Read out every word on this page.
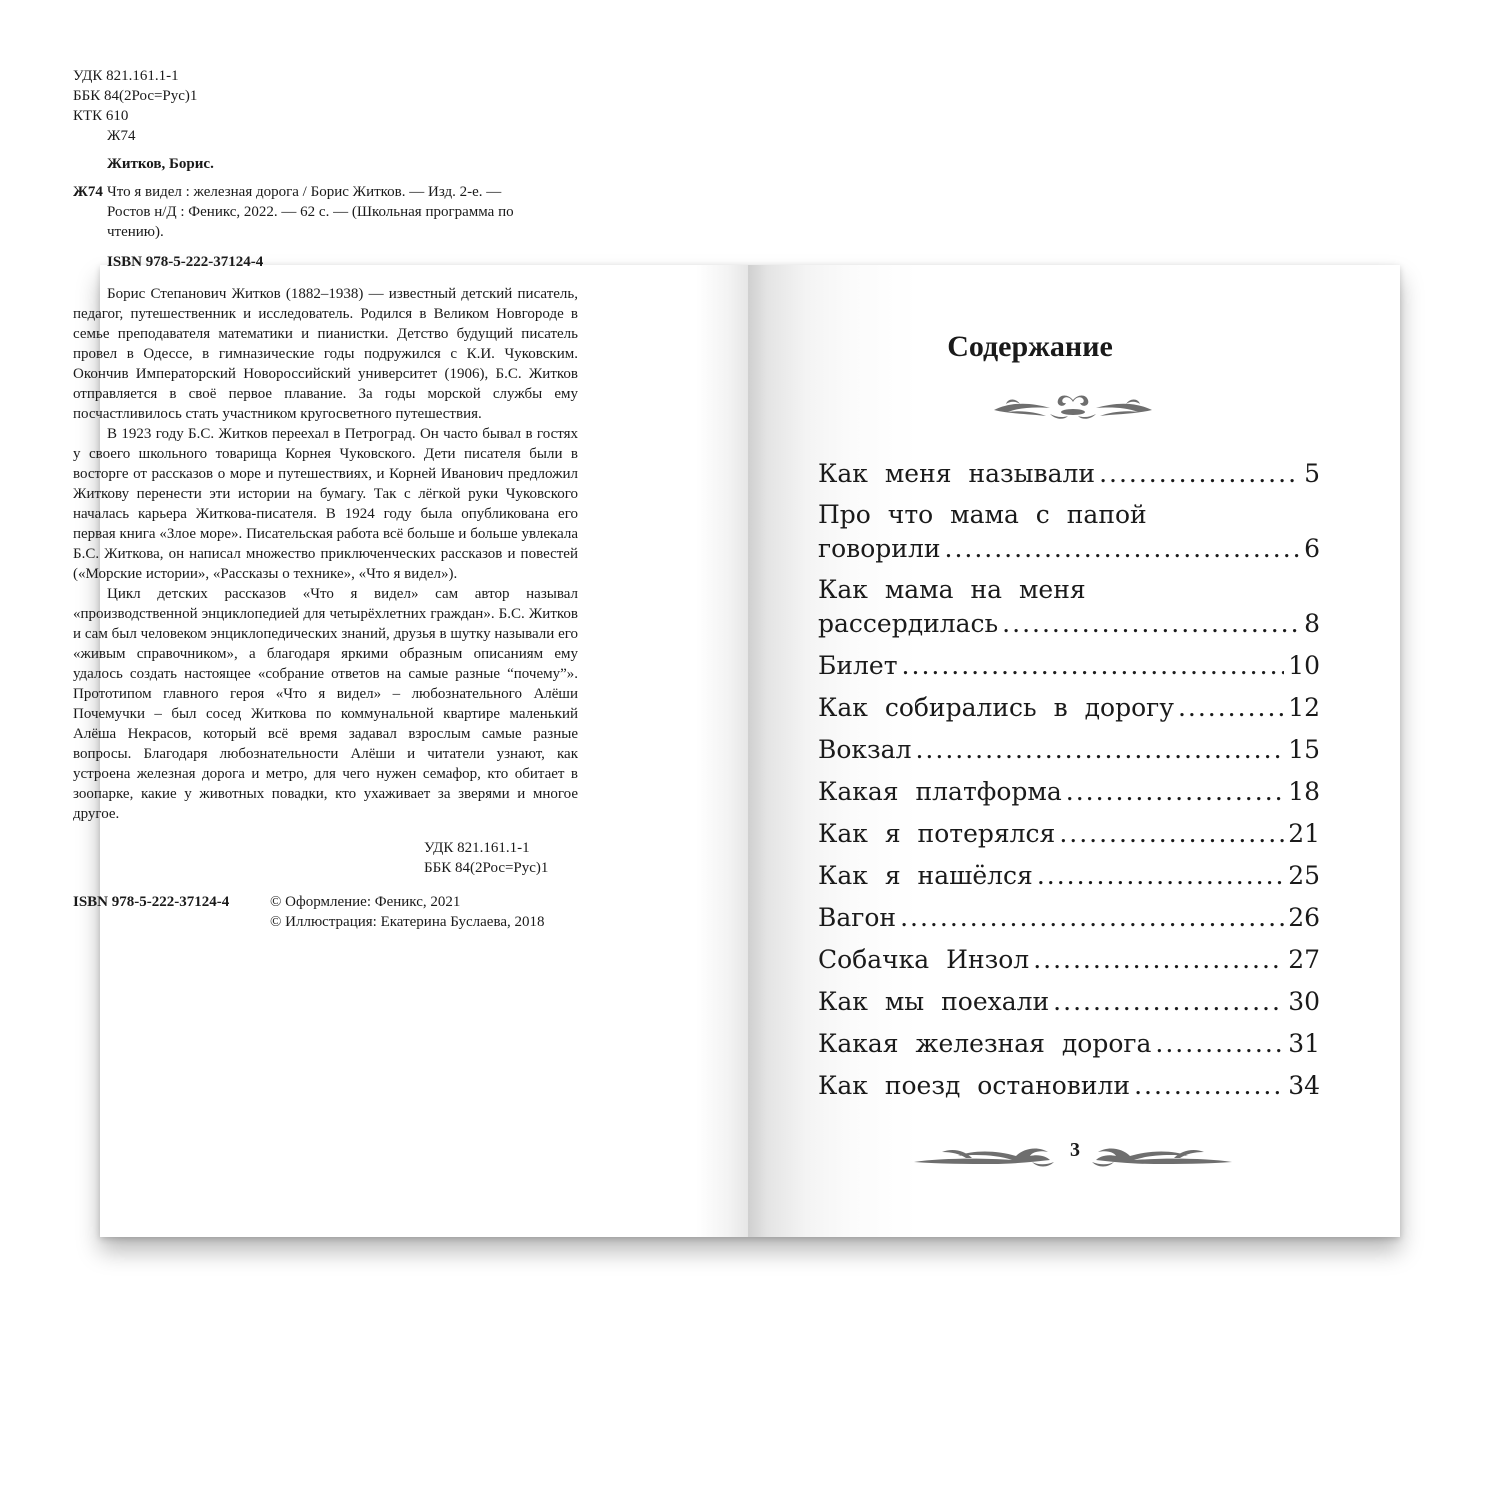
УДК 821.161.1-1
ББК 84(2Рос=Рус)1
КТК 610
Ж74
Житков, Борис.
Ж74 Что я видел : железная дорога / Борис Житков. — Изд. 2-е. —
Ростов н/Д : Феникс, 2022. — 62 с. — (Школьная программа по
чтению).
ISBN 978-5-222-37124-4

Борис Степанович Житков (1882–1938) — известный детский писатель, педагог, путешественник и исследователь. Родился в Великом Новгороде в семье преподавателя математики и пианистки. Детство будущий писатель провел в Одессе, в гимназические годы подружился с К.И. Чуковским. Окончив Императорский Новороссийский университет (1906), Б.С. Житков отправляется в своё первое плавание. За годы морской службы ему посчастливилось стать участником кругосветного путешествия.

В 1923 году Б.С. Житков переехал в Петроград. Он часто бывал в гостях у своего школьного товарища Корнея Чуковского. Дети писателя были в восторге от рассказов о море и путешествиях, и Корней Иванович предложил Житкову перенести эти истории на бумагу. Так с лёгкой руки Чуковского началась карьера Житкова-писателя. В 1924 году была опубликована его первая книга «Злое море». Писательская работа всё больше и больше увлекала Б.С. Житкова, он написал множество приключенческих рассказов и повестей («Морские истории», «Рассказы о технике», «Что я видел»).

Цикл детских рассказов «Что я видел» сам автор называл «производственной энциклопедией для четырёхлетних граждан». Б.С. Житков и сам был человеком энциклопедических знаний, друзья в шутку называли его «живым справочником», а благодаря яркими образным описаниям ему удалось создать настоящее «собрание ответов на самые разные “почему”». Прототипом главного героя «Что я видел» – любознательного Алёши Почемучки – был сосед Житкова по коммунальной квартире маленький Алёша Некрасов, который всё время задавал взрослым самые разные вопросы. Благодаря любознательности Алёши и читатели узнают, как устроена железная дорога и метро, для чего нужен семафор, кто обитает в зоопарке, какие у животных повадки, кто ухаживает за зверями и многое другое.

УДК 821.161.1-1
ББК 84(2Рос=Рус)1
ISBN 978-5-222-37124-4	© Оформление: Феникс, 2021
© Иллюстрация: Екатерина Буслаева, 2018
Содержание
Как меня называли .....	5
Про что мама с папой
говорили .....	6
Как мама на меня
рассердилась .....	8
Билет .....	10
Как собирались в дорогу .....	12
Вокзал .....	15
Какая платформа .....	18
Как я потерялся .....	21
Как я нашёлся .....	25
Вагон .....	26
Собачка Инзол .....	27
Как мы поехали .....	30
Какая железная дорога .....	31
Как поезд остановили .....	34
3
